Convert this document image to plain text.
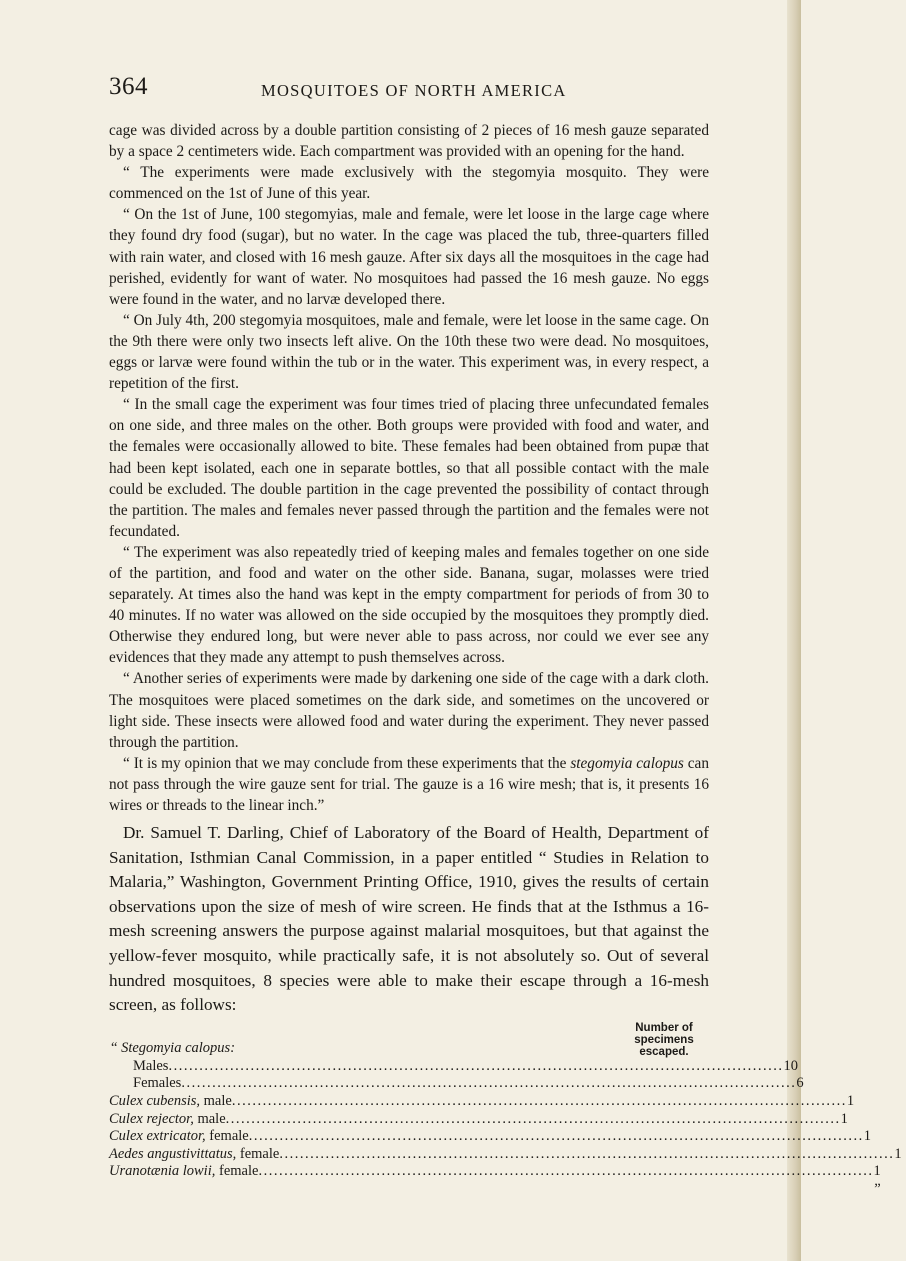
364	MOSQUITOES OF NORTH AMERICA

cage was divided across by a double partition consisting of 2 pieces of 16 mesh gauze separated by a space 2 centimeters wide. Each compartment was provided with an opening for the hand.

“ The experiments were made exclusively with the stegomyia mosquito. They were commenced on the 1st of June of this year.

“ On the 1st of June, 100 stegomyias, male and female, were let loose in the large cage where they found dry food (sugar), but no water. In the cage was placed the tub, three-quarters filled with rain water, and closed with 16 mesh gauze. After six days all the mosquitoes in the cage had perished, evidently for want of water. No mosquitoes had passed the 16 mesh gauze. No eggs were found in the water, and no larvæ developed there.

“ On July 4th, 200 stegomyia mosquitoes, male and female, were let loose in the same cage. On the 9th there were only two insects left alive. On the 10th these two were dead. No mosquitoes, eggs or larvæ were found within the tub or in the water. This experiment was, in every respect, a repetition of the first.

“ In the small cage the experiment was four times tried of placing three unfecundated females on one side, and three males on the other. Both groups were provided with food and water, and the females were occasionally allowed to bite. These females had been obtained from pupæ that had been kept isolated, each one in separate bottles, so that all possible contact with the male could be excluded. The double partition in the cage prevented the possibility of contact through the partition. The males and females never passed through the partition and the females were not fecundated.

“ The experiment was also repeatedly tried of keeping males and females together on one side of the partition, and food and water on the other side. Banana, sugar, molasses were tried separately. At times also the hand was kept in the empty compartment for periods of from 30 to 40 minutes. If no water was allowed on the side occupied by the mosquitoes they promptly died. Otherwise they endured long, but were never able to pass across, nor could we ever see any evidences that they made any attempt to push themselves across.

“ Another series of experiments were made by darkening one side of the cage with a dark cloth. The mosquitoes were placed sometimes on the dark side, and sometimes on the uncovered or light side. These insects were allowed food and water during the experiment. They never passed through the partition.

“ It is my opinion that we may conclude from these experiments that the stegomyia calopus can not pass through the wire gauze sent for trial. The gauze is a 16 wire mesh; that is, it presents 16 wires or threads to the linear inch.”

Dr. Samuel T. Darling, Chief of Laboratory of the Board of Health, Department of Sanitation, Isthmian Canal Commission, in a paper entitled “ Studies in Relation to Malaria,” Washington, Government Printing Office, 1910, gives the results of certain observations upon the size of mesh of wire screen. He finds that at the Isthmus a 16-mesh screening answers the purpose against malarial mosquitoes, but that against the yellow-fever mosquito, while practically safe, it is not absolutely so. Out of several hundred mosquitoes, 8 species were able to make their escape through a 16-mesh screen, as follows:

Number of
specimens
escaped.
“ Stegomyia calopus:
Males ........................................................................................................................ 10
Females ........................................................................................................................ 6
Culex cubensis, male ........................................................................................................................ 1
Culex rejector, male ........................................................................................................................ 1
Culex extricator, female ........................................................................................................................ 1
Aedes angustivittatus, female ........................................................................................................................ 1
Uranotænia lowii, female ........................................................................................................................ 1 ”
